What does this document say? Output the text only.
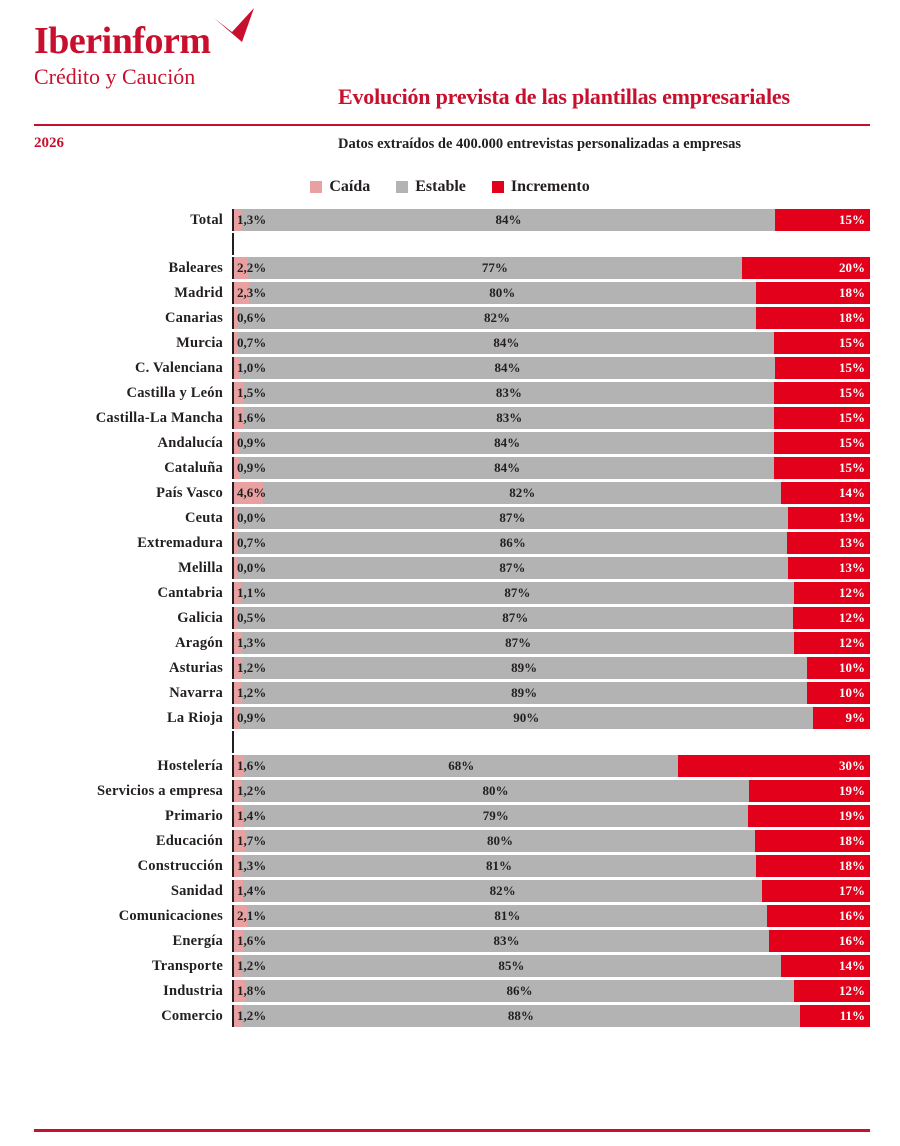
Iberinform
Crédito y Caución
Evolución prevista de las plantillas empresariales
2026	Datos extraídos de 400.000 entrevistas personalizadas a empresas
Caída	Estable	Incremento
Total	1,3%	84%	15%
Baleares	2,2%	77%	20%
Madrid	2,3%	80%	18%
Canarias	0,6%	82%	18%
Murcia	0,7%	84%	15%
C. Valenciana	1,0%	84%	15%
Castilla y León	1,5%	83%	15%
Castilla-La Mancha	1,6%	83%	15%
Andalucía	0,9%	84%	15%
Cataluña	0,9%	84%	15%
País Vasco	4,6%	82%	14%
Ceuta	0,0%	87%	13%
Extremadura	0,7%	86%	13%
Melilla	0,0%	87%	13%
Cantabria	1,1%	87%	12%
Galicia	0,5%	87%	12%
Aragón	1,3%	87%	12%
Asturias	1,2%	89%	10%
Navarra	1,2%	89%	10%
La Rioja	0,9%	90%	9%
Hostelería	1,6%	68%	30%
Servicios a empresa	1,2%	80%	19%
Primario	1,4%	79%	19%
Educación	1,7%	80%	18%
Construcción	1,3%	81%	18%
Sanidad	1,4%	82%	17%
Comunicaciones	2,1%	81%	16%
Energía	1,6%	83%	16%
Transporte	1,2%	85%	14%
Industria	1,8%	86%	12%
Comercio	1,2%	88%	11%
